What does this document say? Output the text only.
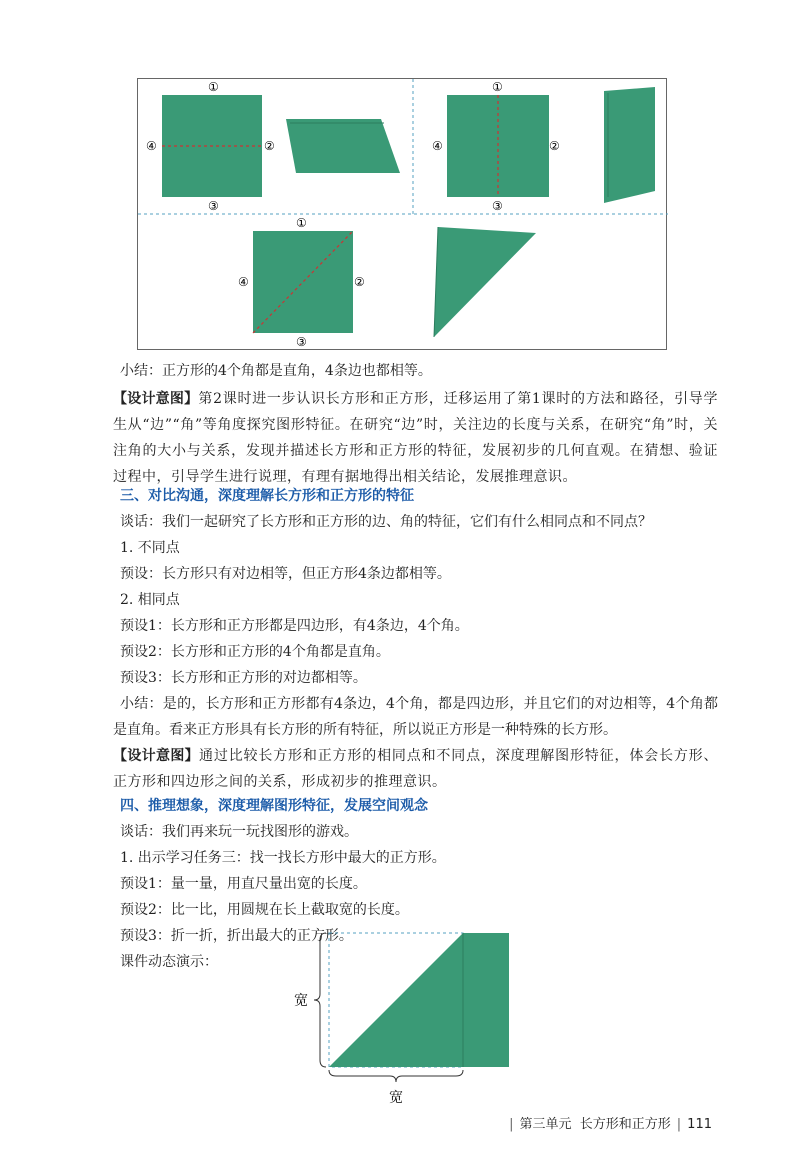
①
②
③
④
①
②
③
④
①
②
③
④
小结：正方形的4个角都是直角，4条边也都相等。
【设计意图】第2课时进一步认识长方形和正方形，迁移运用了第1课时的方法和路径，引导学生从“边”“角”等角度探究图形特征。在研究“边”时，关注边的长度与关系，在研究“角”时，关注角的大小与关系，发现并描述长方形和正方形的特征，发展初步的几何直观。在猜想、验证过程中，引导学生进行说理，有理有据地得出相关结论，发展推理意识。
三、对比沟通，深度理解长方形和正方形的特征
谈话：我们一起研究了长方形和正方形的边、角的特征，它们有什么相同点和不同点？
1. 不同点
预设：长方形只有对边相等，但正方形4条边都相等。
2. 相同点
预设1：长方形和正方形都是四边形，有4条边，4个角。
预设2：长方形和正方形的4个角都是直角。
预设3：长方形和正方形的对边都相等。
小结：是的，长方形和正方形都有4条边，4个角，都是四边形，并且它们的对边相等，4个角都是直角。看来正方形具有长方形的所有特征，所以说正方形是一种特殊的长方形。
【设计意图】通过比较长方形和正方形的相同点和不同点，深度理解图形特征，体会长方形、正方形和四边形之间的关系，形成初步的推理意识。
四、推理想象，深度理解图形特征，发展空间观念
谈话：我们再来玩一玩找图形的游戏。
1. 出示学习任务三：找一找长方形中最大的正方形。
预设1：量一量，用直尺量出宽的长度。
预设2：比一比，用圆规在长上截取宽的长度。
预设3：折一折，折出最大的正方形。
课件动态演示：
宽
宽
| 第三单元 长方形和正方形 | 111
